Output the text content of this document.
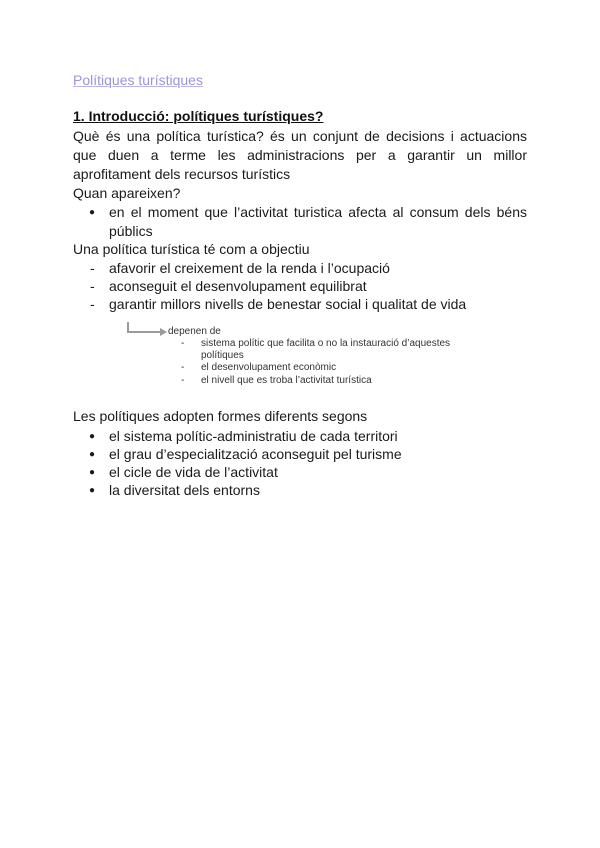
Polítiques turístiques
1. Introducció: polítiques turístiques?
Què és una política turística? és un conjunt de decisions i actuacions que duen a terme les administracions per a garantir un millor aprofitament dels recursos turístics
Quan apareixen?
● en el moment que l’activitat turistica afecta al consum dels béns públics
Una política turística té com a objectiu
- afavorir el creixement de la renda i l’ocupació
- aconseguit el desenvolupament equilibrat
- garantir millors nivells de benestar social i qualitat de vida
depenen de
- sistema polític que facilita o no la instauració d’aquestes polítiques
- el desenvolupament econòmic
- el nivell que es troba l’activitat turística
Les polítiques adopten formes diferents segons
● el sistema polític-administratiu de cada territori
● el grau d’especialització aconseguit pel turisme
● el cicle de vida de l’activitat
● la diversitat dels entorns
